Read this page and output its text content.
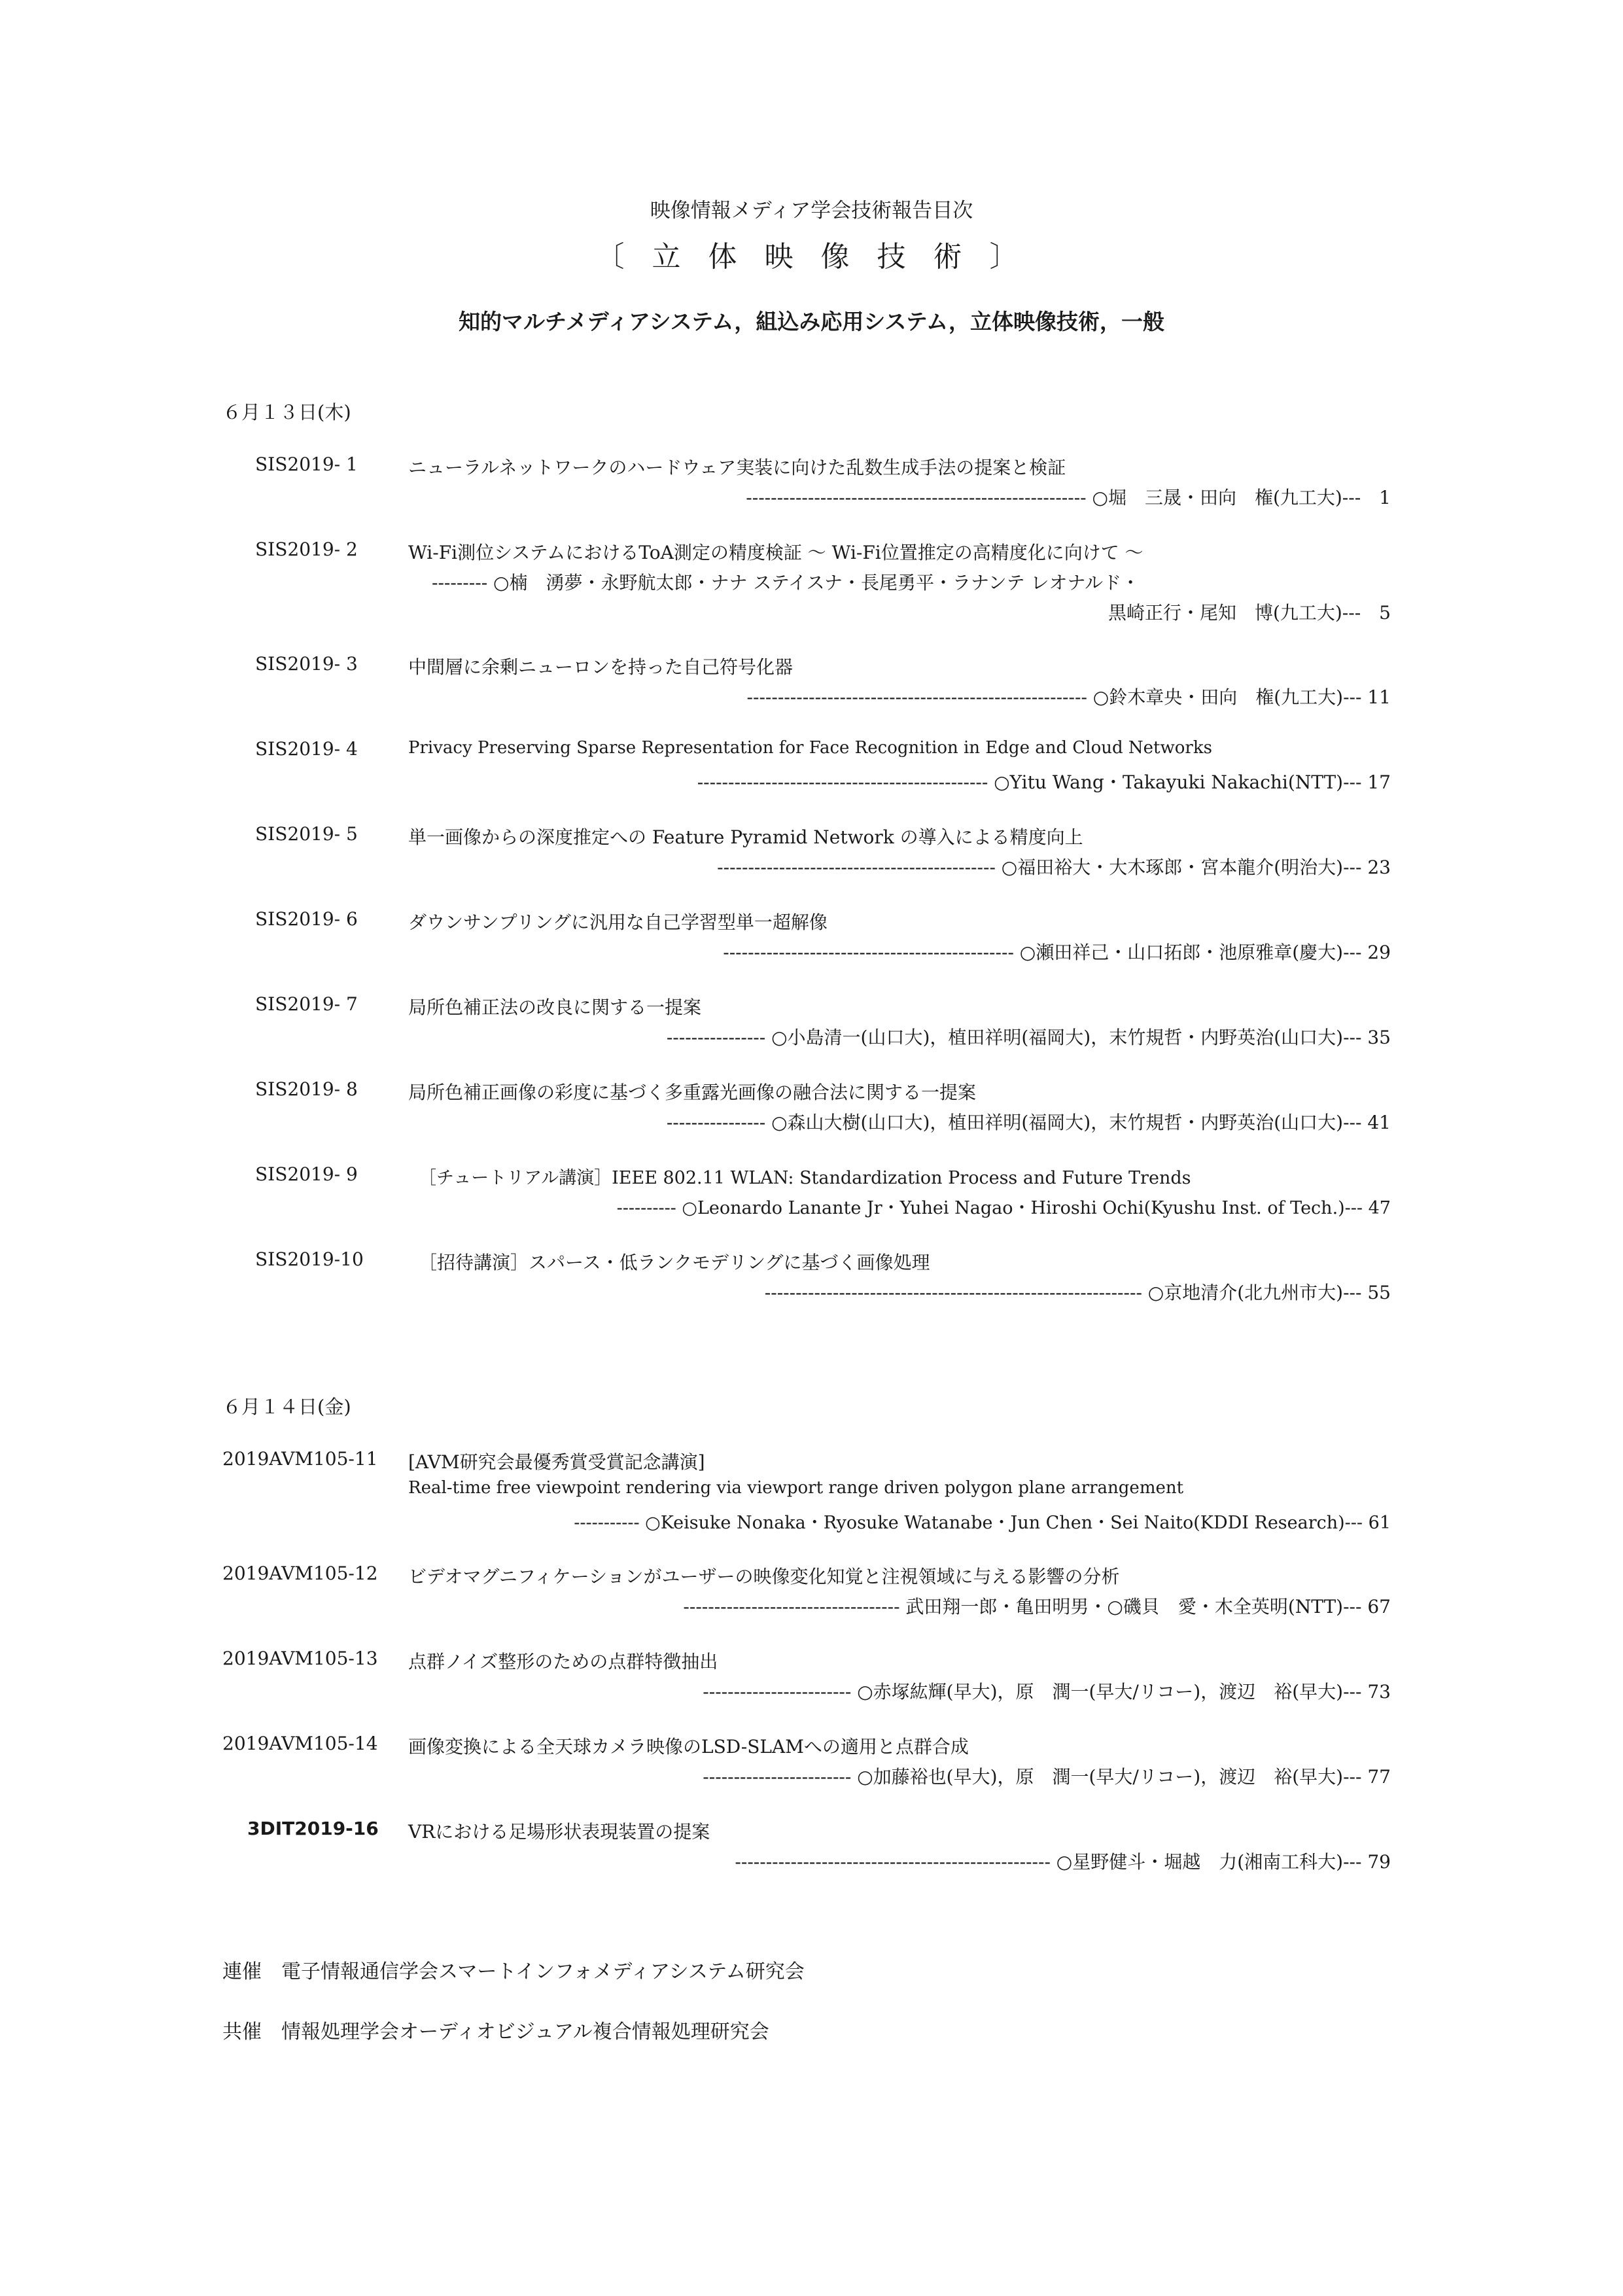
映像情報メディア学会技術報告目次
〔 立 体 映 像 技 術 〕
知的マルチメディアシステム，組込み応用システム，立体映像技術，一般
６月１３日(木)
SIS2019- 1	ニューラルネットワークのハードウェア実装に向けた乱数生成手法の提案と検証
------------------------------------------------------- ○堀　三晟・田向　権(九工大)---　1
SIS2019- 2	Wi-Fi測位システムにおけるToA測定の精度検証 ～ Wi-Fi位置推定の高精度化に向けて ～
--------- ○楠　湧夢・永野航太郎・ナナ ステイスナ・長尾勇平・ラナンテ レオナルド・
黒崎正行・尾知　博(九工大)---　5
SIS2019- 3	中間層に余剰ニューロンを持った自己符号化器
------------------------------------------------------- ○鈴木章央・田向　権(九工大)--- 11
SIS2019- 4	Privacy Preserving Sparse Representation for Face Recognition in Edge and Cloud Networks
----------------------------------------------- ○Yitu Wang・Takayuki Nakachi(NTT)--- 17
SIS2019- 5	単一画像からの深度推定への Feature Pyramid Network の導入による精度向上
--------------------------------------------- ○福田裕大・大木琢郎・宮本龍介(明治大)--- 23
SIS2019- 6	ダウンサンプリングに汎用な自己学習型単一超解像
----------------------------------------------- ○瀬田祥己・山口拓郎・池原雅章(慶大)--- 29
SIS2019- 7	局所色補正法の改良に関する一提案
---------------- ○小島清一(山口大)，植田祥明(福岡大)，末竹規哲・内野英治(山口大)--- 35
SIS2019- 8	局所色補正画像の彩度に基づく多重露光画像の融合法に関する一提案
---------------- ○森山大樹(山口大)，植田祥明(福岡大)，末竹規哲・内野英治(山口大)--- 41
SIS2019- 9	［チュートリアル講演］IEEE 802.11 WLAN: Standardization Process and Future Trends
---------- ○Leonardo Lanante Jr・Yuhei Nagao・Hiroshi Ochi(Kyushu Inst. of Tech.)--- 47
SIS2019-10	［招待講演］スパース・低ランクモデリングに基づく画像処理
------------------------------------------------------------- ○京地清介(北九州市大)--- 55
６月１４日(金)
2019AVM105-11 [AVM研究会最優秀賞受賞記念講演]
Real-time free viewpoint rendering via viewport range driven polygon plane arrangement
----------- ○Keisuke Nonaka・Ryosuke Watanabe・Jun Chen・Sei Naito(KDDI Research)--- 61
2019AVM105-12 ビデオマグニフィケーションがユーザーの映像変化知覚と注視領域に与える影響の分析
----------------------------------- 武田翔一郎・亀田明男・○磯貝　愛・木全英明(NTT)--- 67
2019AVM105-13 点群ノイズ整形のための点群特徴抽出
------------------------ ○赤塚紘輝(早大)，原　潤一(早大/リコー)，渡辺　裕(早大)--- 73
2019AVM105-14 画像変換による全天球カメラ映像のLSD-SLAMへの適用と点群合成
------------------------ ○加藤裕也(早大)，原　潤一(早大/リコー)，渡辺　裕(早大)--- 77
3DIT2019-16 VRにおける足場形状表現装置の提案
--------------------------------------------------- ○星野健斗・堀越　力(湘南工科大)--- 79
連催　電子情報通信学会スマートインフォメディアシステム研究会
共催　情報処理学会オーディオビジュアル複合情報処理研究会
